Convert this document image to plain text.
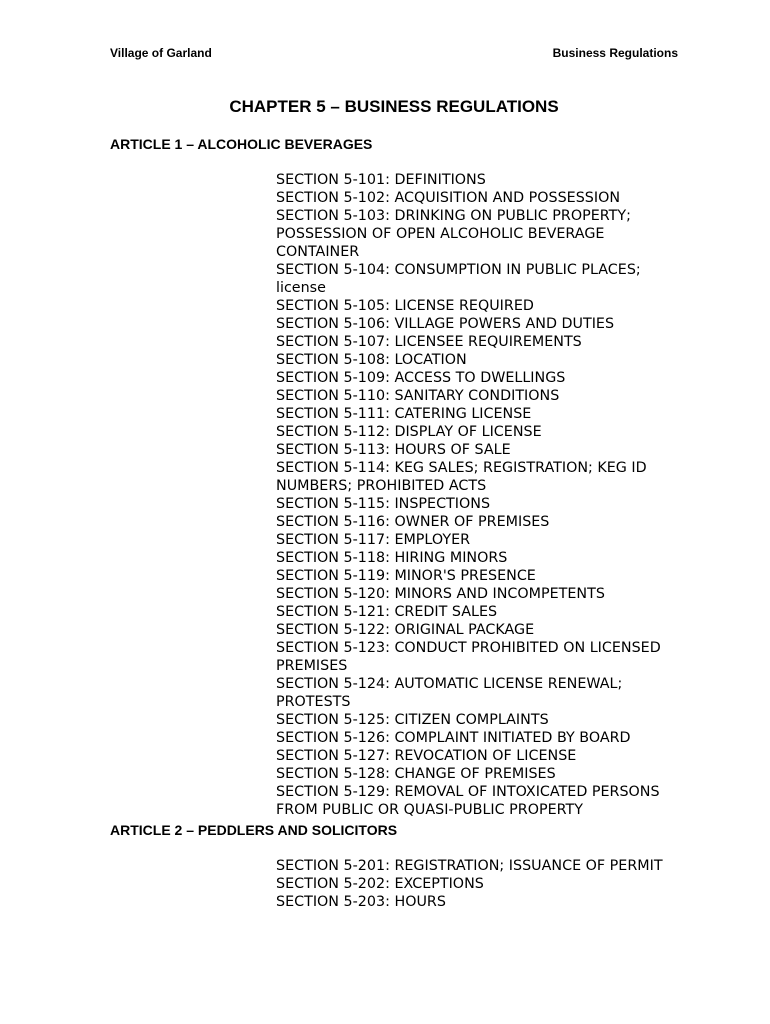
Village of Garland	Business Regulations
CHAPTER 5 – BUSINESS REGULATIONS
ARTICLE 1 – ALCOHOLIC BEVERAGES
SECTION 5-101: DEFINITIONS
SECTION 5-102: ACQUISITION AND POSSESSION
SECTION 5-103: DRINKING ON PUBLIC PROPERTY; POSSESSION OF OPEN ALCOHOLIC BEVERAGE CONTAINER
SECTION 5-104: CONSUMPTION IN PUBLIC PLACES; license
SECTION 5-105: LICENSE REQUIRED
SECTION 5-106: VILLAGE POWERS AND DUTIES
SECTION 5-107: LICENSEE REQUIREMENTS
SECTION 5-108: LOCATION
SECTION 5-109: ACCESS TO DWELLINGS
SECTION 5-110: SANITARY CONDITIONS
SECTION 5-111: CATERING LICENSE
SECTION 5-112: DISPLAY OF LICENSE
SECTION 5-113: HOURS OF SALE
SECTION 5-114: KEG SALES; REGISTRATION; KEG ID NUMBERS; PROHIBITED ACTS
SECTION 5-115: INSPECTIONS
SECTION 5-116: OWNER OF PREMISES
SECTION 5-117: EMPLOYER
SECTION 5-118: HIRING MINORS
SECTION 5-119: MINOR'S PRESENCE
SECTION 5-120: MINORS AND INCOMPETENTS
SECTION 5-121: CREDIT SALES
SECTION 5-122: ORIGINAL PACKAGE
SECTION 5-123: CONDUCT PROHIBITED ON LICENSED PREMISES
SECTION 5-124: AUTOMATIC LICENSE RENEWAL; PROTESTS
SECTION 5-125: CITIZEN COMPLAINTS
SECTION 5-126: COMPLAINT INITIATED BY BOARD
SECTION 5-127: REVOCATION OF LICENSE
SECTION 5-128: CHANGE OF PREMISES
SECTION 5-129: REMOVAL OF INTOXICATED PERSONS FROM PUBLIC OR QUASI-PUBLIC PROPERTY
ARTICLE 2 – PEDDLERS AND SOLICITORS
SECTION 5-201: REGISTRATION; ISSUANCE OF PERMIT
SECTION 5-202: EXCEPTIONS
SECTION 5-203: HOURS
